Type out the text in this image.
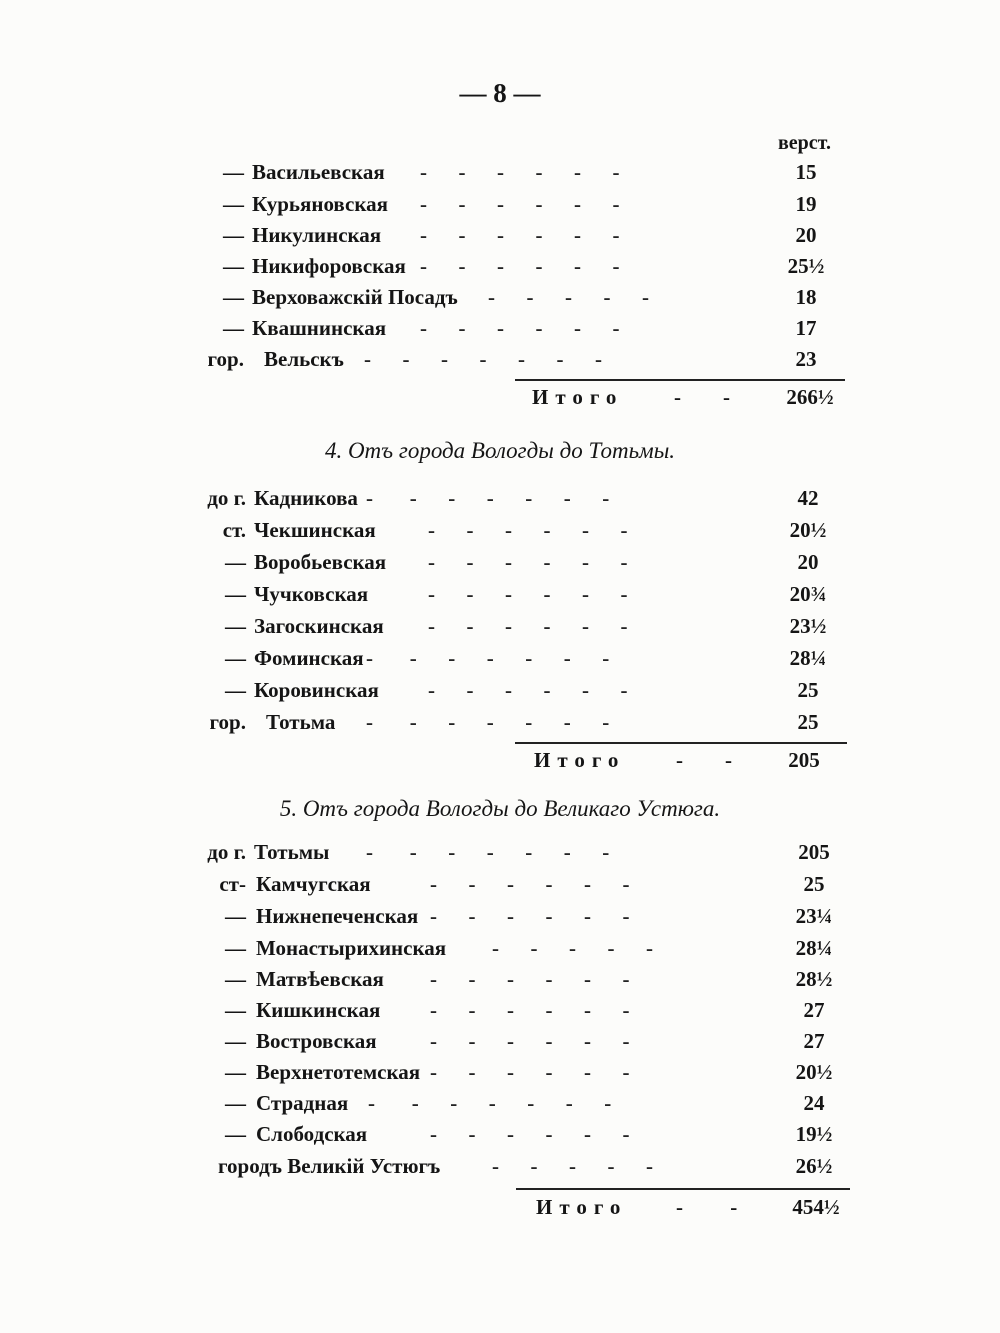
— 8 —
верст.
— Васильевская -      -      -      -      -      -	15
— Курьяновская -      -      -      -      -      -	19
— Никулинская -      -      -      -      -      -	20
— Никифоровская -      -      -      -      -      -	25½
— Верховажскій Посадъ -      -      -      -      -	18
— Квашнинская -      -      -      -      -      -	17
гор. Вельскъ -      -      -      -      -      -      -	23
Итого -        -	266½
4. Отъ города Вологды до Тотьмы.
до г. Кадникова -       -      -      -      -      -      -	42
ст. Чекшинская -      -      -      -      -      -	20½
— Воробьевская -      -      -      -      -      -	20
— Чучковская	-      -      -      -      -      -	20¾
— Загоскинская -      -      -      -      -      -	23½
— Фоминская -       -      -      -      -      -      -	28¼
— Коровинская -      -      -      -      -      -	25
гор. Тотьма -       -      -      -      -      -      -	25
Итого -        -	205
5. Отъ города Вологды до Великаго Устюга.
до г. Тотьмы -       -      -      -      -      -      -	205
ст- Камчугская	-      -      -      -      -      -	25
— Нижнепеченская -      -      -      -      -      -	23¼
— Монастырихинская -      -      -      -      -	28¼
— Матвѣевская -      -      -      -      -      -	28½
— Кишкинская -      -      -      -      -      -	27
— Востровская	-      -      -      -      -      -	27
— Верхнетотемская -      -      -      -      -      -	20½
— Страдная -       -      -      -      -      -      -	24
— Слободская	-      -      -      -      -      -	19½
городъ Великій Устюгъ -      -      -      -      -	26½
Итого -         -	454½
